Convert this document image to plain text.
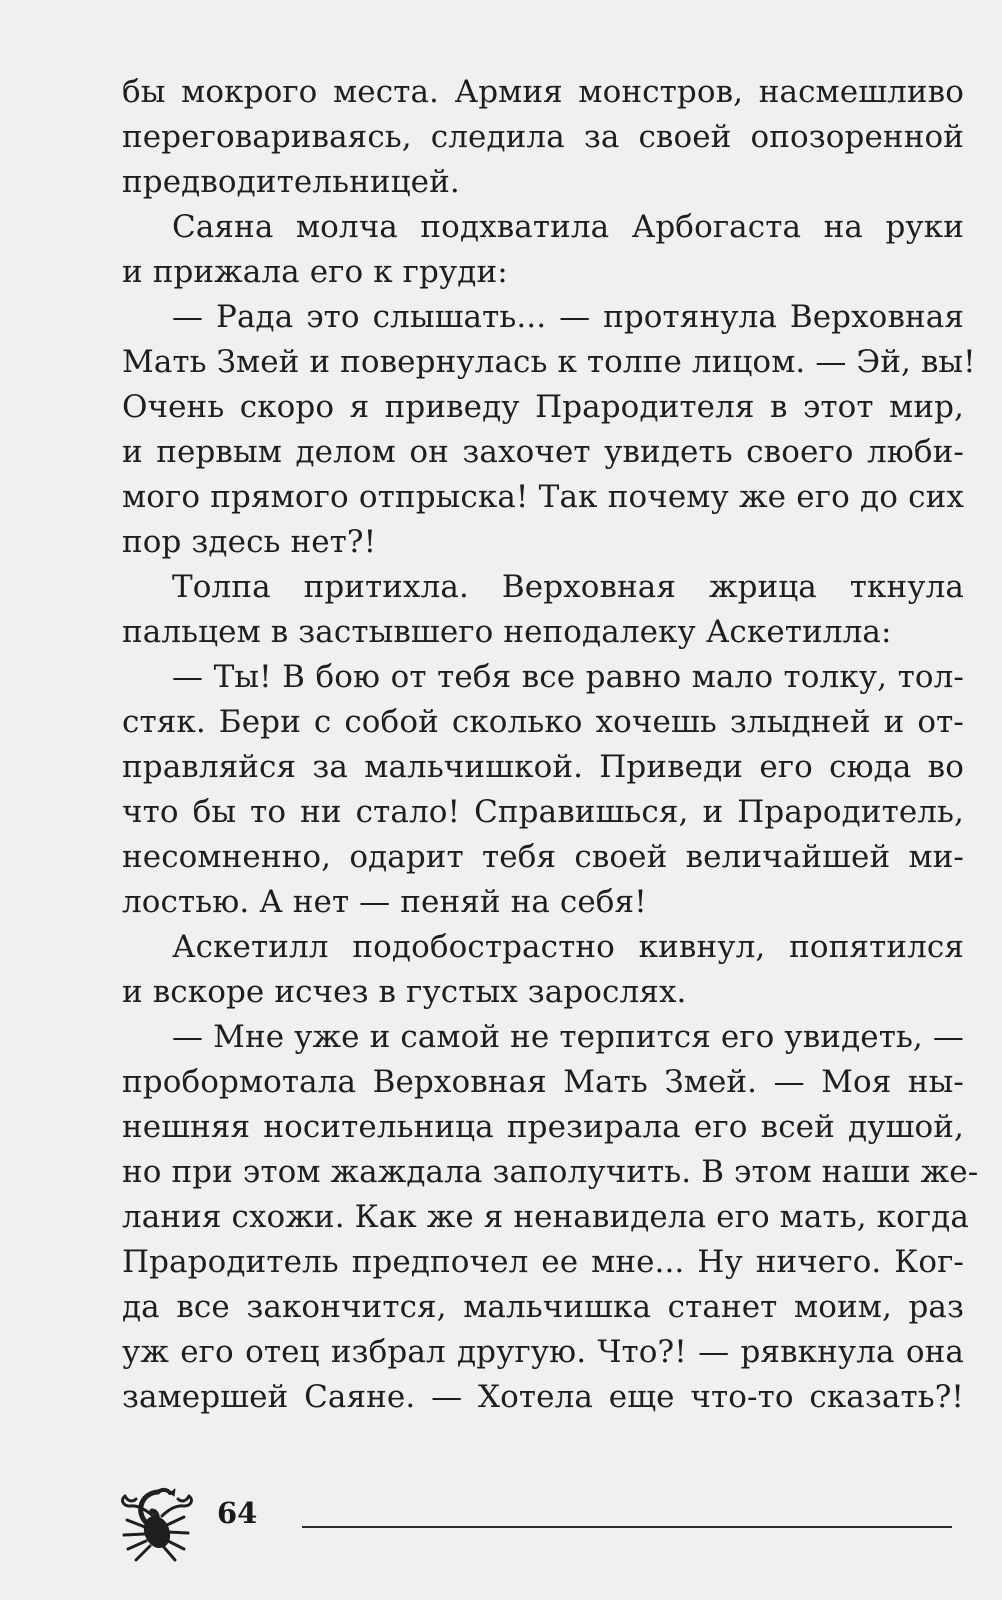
бы мокрого места. Армия монстров, насмешливо
переговариваясь, следила за своей опозоренной
предводительницей.
Саяна молча подхватила Арбогаста на руки
и прижала его к груди:
— Рада это слышать... — протянула Верховная
Мать Змей и повернулась к толпе лицом. — Эй, вы!
Очень скоро я приведу Прародителя в этот мир,
и первым делом он захочет увидеть своего люби-
мого прямого отпрыска! Так почему же его до сих
пор здесь нет?!
Толпа притихла. Верховная жрица ткнула
пальцем в застывшего неподалеку Аскетилла:
— Ты! В бою от тебя все равно мало толку, тол-
стяк. Бери с собой сколько хочешь злыдней и от-
правляйся за мальчишкой. Приведи его сюда во
что бы то ни стало! Справишься, и Прародитель,
несомненно, одарит тебя своей величайшей ми-
лостью. А нет — пеняй на себя!
Аскетилл подобострастно кивнул, попятился
и вскоре исчез в густых зарослях.
— Мне уже и самой не терпится его увидеть, —
пробормотала Верховная Мать Змей. — Моя ны-
нешняя носительница презирала его всей душой,
но при этом жаждала заполучить. В этом наши же-
лания схожи. Как же я ненавидела его мать, когда
Прародитель предпочел ее мне... Ну ничего. Ког-
да все закончится, мальчишка станет моим, раз
уж его отец избрал другую. Что?! — рявкнула она
замершей Саяне. — Хотела еще что-то сказать?!
64
